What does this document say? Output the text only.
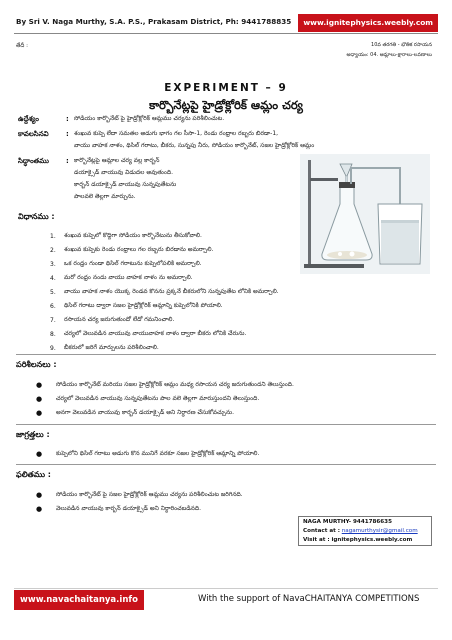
By Sri V. Naga Murthy, S.A. P.S., Prakasam District, Ph: 9441788835	www.ignitephysics.weebly.com
తేదీ :	10వ తరగతి - భౌతిక రసాయన
అధ్యాయం: 04. ఆమ్లాలు-క్షారాలు-లవణాలు
EXPERIMENT – 9
కార్బొనేట్లపై హైడ్రోక్లోరిక్ ఆమ్లం చర్య
ఉద్దేశ్యం	: సోడియం కార్బొనేట్ పై హైడ్రోక్లోరిక్ ఆమ్లము చర్యను పరిశీలించుట.
కావలసినవి : శంఖువ కుప్పె లేదా సమతల అడుగు భాగం గల సీసా-1, రెండు రంధ్రాల రబ్బరు బిరడా-1,
వాయు వాహక నాళం, థిసిల్ గరాటు, బీకరు, సున్నపు నీరు, సోడియం కార్బొనేట్, సజల హైడ్రోక్లోరిక్ ఆమ్లం
సిద్ధాంతము : కార్బొనేట్లపై ఆమ్లాల చర్య వల్ల కార్బన్
డయాక్సైడ్ వాయువు విడుదల అవుతుంది.
కార్బన్ డయాక్సైడ్ వాయువు సున్నపుతేటను
పాలవలె తెల్లగా మార్చును.
విధానము :
1. శంఖువ కుప్పెలో కొద్దిగా సోడియం కార్బొనేటును తీసుకోవాలి.
2. శంఖువ కుప్పెకు రెండు రంధ్రాలు గల రబ్బరు బిరడాను అమర్చాలి.
3. ఒక రంధ్రం గుండా థిసిల్ గరాటును కుప్పెలోపలికి అమర్చాలి.
4. మరో రంధ్రం నందు వాయు వాహక నాళం ను అమర్చాలి.
5. వాయు వాహక నాళం యొక్క రెండవ కొనను ప్రక్కనే బీకరులోని సున్నపుతేట లోనికి అమర్చాలి.
6. థిసిల్ గరాటు ద్వారా సజల హైడ్రోక్లోరిక్ ఆమ్లాన్ని కుప్పెలోనికి పోయాలి.
7. రసాయన చర్య జరుగుతుందో లేదో గమనించాలి.
8. చర్యలో వెలువడిన వాయువు వాయువాహక నాళం ద్వారా బీకరు లోనికి చేరును.
9. బీకరులో జరిగే మార్పులను పరిశీలించాలి.
పరిశీలనలు :
● సోడియం కార్బొనేట్ మరియు సజల హైడ్రోక్లోరిక్ ఆమ్లం మధ్య రసాయన చర్య జరుగుతుందని తెలుస్తుంది.
● చర్యలో వెలువడిన వాయువు సున్నపుతేటను పాల వలె తెల్లగా మారుస్తుందని తెలుస్తుంది.
● అనగా వెలువడిన వాయువు కార్బన్ డయాక్సైడ్ అని నిర్ధారణ చేసుకోవచ్చును.
జాగ్రత్తలు :
● కుప్పెలోని థిసిల్ గరాటు అడుగు కొన మునిగే వరకూ సజల హైడ్రోక్లోరిక్ ఆమ్లాన్ని పోయాలి.
ఫలితము :
● సోడియం కార్బొనేట్ పై సజల హైడ్రోక్లోరిక్ ఆమ్లము చర్యను పరిశీలించుట జరిగినది.
● వెలువడిన వాయువు కార్బన్ డయాక్సైడ్ అని నిర్ధారించబడినది.
NAGA MURTHY- 9441786635
Contact at : nagamurthysir@gmail.com
Visit at : ignitephysics.weebly.com
www.navachaitanya.info	With the support of NavaCHAITANYA COMPETITIONS
